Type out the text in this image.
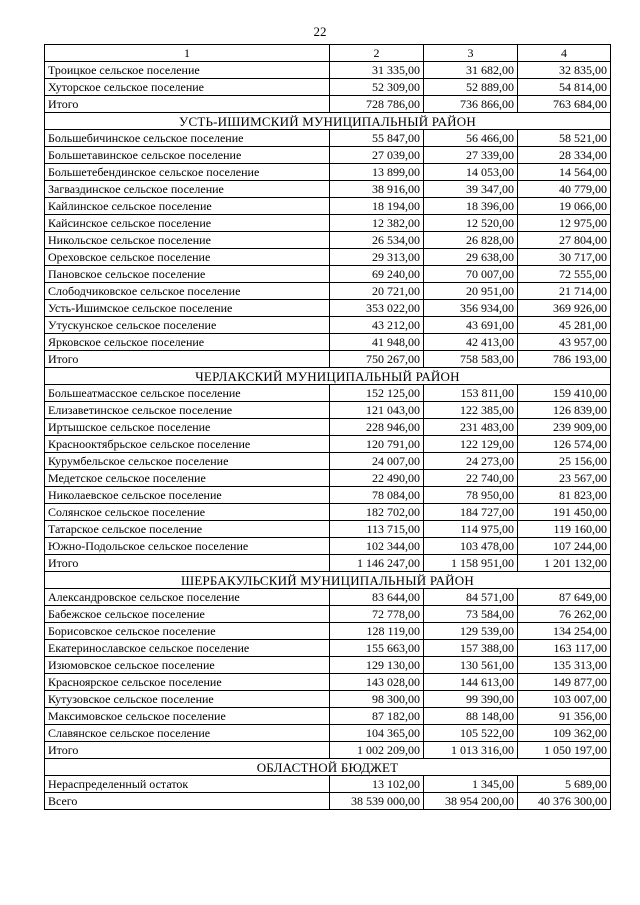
22
1	2	3	4
Троицкое сельское поселение	31 335,00	31 682,00	32 835,00
Хуторское сельское поселение	52 309,00	52 889,00	54 814,00
Итого	728 786,00	736 866,00	763 684,00
УСТЬ-ИШИМСКИЙ МУНИЦИПАЛЬНЫЙ РАЙОН			
Большебичинское сельское поселение	55 847,00	56 466,00	58 521,00
Большетавинское сельское поселение	27 039,00	27 339,00	28 334,00
Большетебендинское сельское поселение	13 899,00	14 053,00	14 564,00
Загваздинское сельское поселение	38 916,00	39 347,00	40 779,00
Кайлинское сельское поселение	18 194,00	18 396,00	19 066,00
Кайсинское сельское поселение	12 382,00	12 520,00	12 975,00
Никольское сельское поселение	26 534,00	26 828,00	27 804,00
Ореховское сельское поселение	29 313,00	29 638,00	30 717,00
Пановское сельское поселение	69 240,00	70 007,00	72 555,00
Слободчиковское сельское поселение	20 721,00	20 951,00	21 714,00
Усть-Ишимское сельское поселение	353 022,00	356 934,00	369 926,00
Утускунское сельское поселение	43 212,00	43 691,00	45 281,00
Ярковское сельское поселение	41 948,00	42 413,00	43 957,00
Итого	750 267,00	758 583,00	786 193,00
ЧЕРЛАКСКИЙ МУНИЦИПАЛЬНЫЙ РАЙОН			
Большеатмасское сельское поселение	152 125,00	153 811,00	159 410,00
Елизаветинское сельское поселение	121 043,00	122 385,00	126 839,00
Иртышское сельское поселение	228 946,00	231 483,00	239 909,00
Краснооктябрьское сельское поселение	120 791,00	122 129,00	126 574,00
Курумбельское сельское поселение	24 007,00	24 273,00	25 156,00
Медетское сельское поселение	22 490,00	22 740,00	23 567,00
Николаевское сельское поселение	78 084,00	78 950,00	81 823,00
Солянское сельское поселение	182 702,00	184 727,00	191 450,00
Татарское сельское поселение	113 715,00	114 975,00	119 160,00
Южно-Подольское сельское поселение	102 344,00	103 478,00	107 244,00
Итого	1 146 247,00	1 158 951,00	1 201 132,00
ШЕРБАКУЛЬСКИЙ МУНИЦИПАЛЬНЫЙ РАЙОН			
Александровское сельское поселение	83 644,00	84 571,00	87 649,00
Бабежское сельское поселение	72 778,00	73 584,00	76 262,00
Борисовское сельское поселение	128 119,00	129 539,00	134 254,00
Екатеринославское сельское поселение	155 663,00	157 388,00	163 117,00
Изюмовское сельское поселение	129 130,00	130 561,00	135 313,00
Красноярское сельское поселение	143 028,00	144 613,00	149 877,00
Кутузовское сельское поселение	98 300,00	99 390,00	103 007,00
Максимовское сельское поселение	87 182,00	88 148,00	91 356,00
Славянское сельское поселение	104 365,00	105 522,00	109 362,00
Итого	1 002 209,00	1 013 316,00	1 050 197,00
ОБЛАСТНОЙ БЮДЖЕТ			
Нераспределенный остаток	13 102,00	1 345,00	5 689,00
Всего	38 539 000,00	38 954 200,00	40 376 300,00
